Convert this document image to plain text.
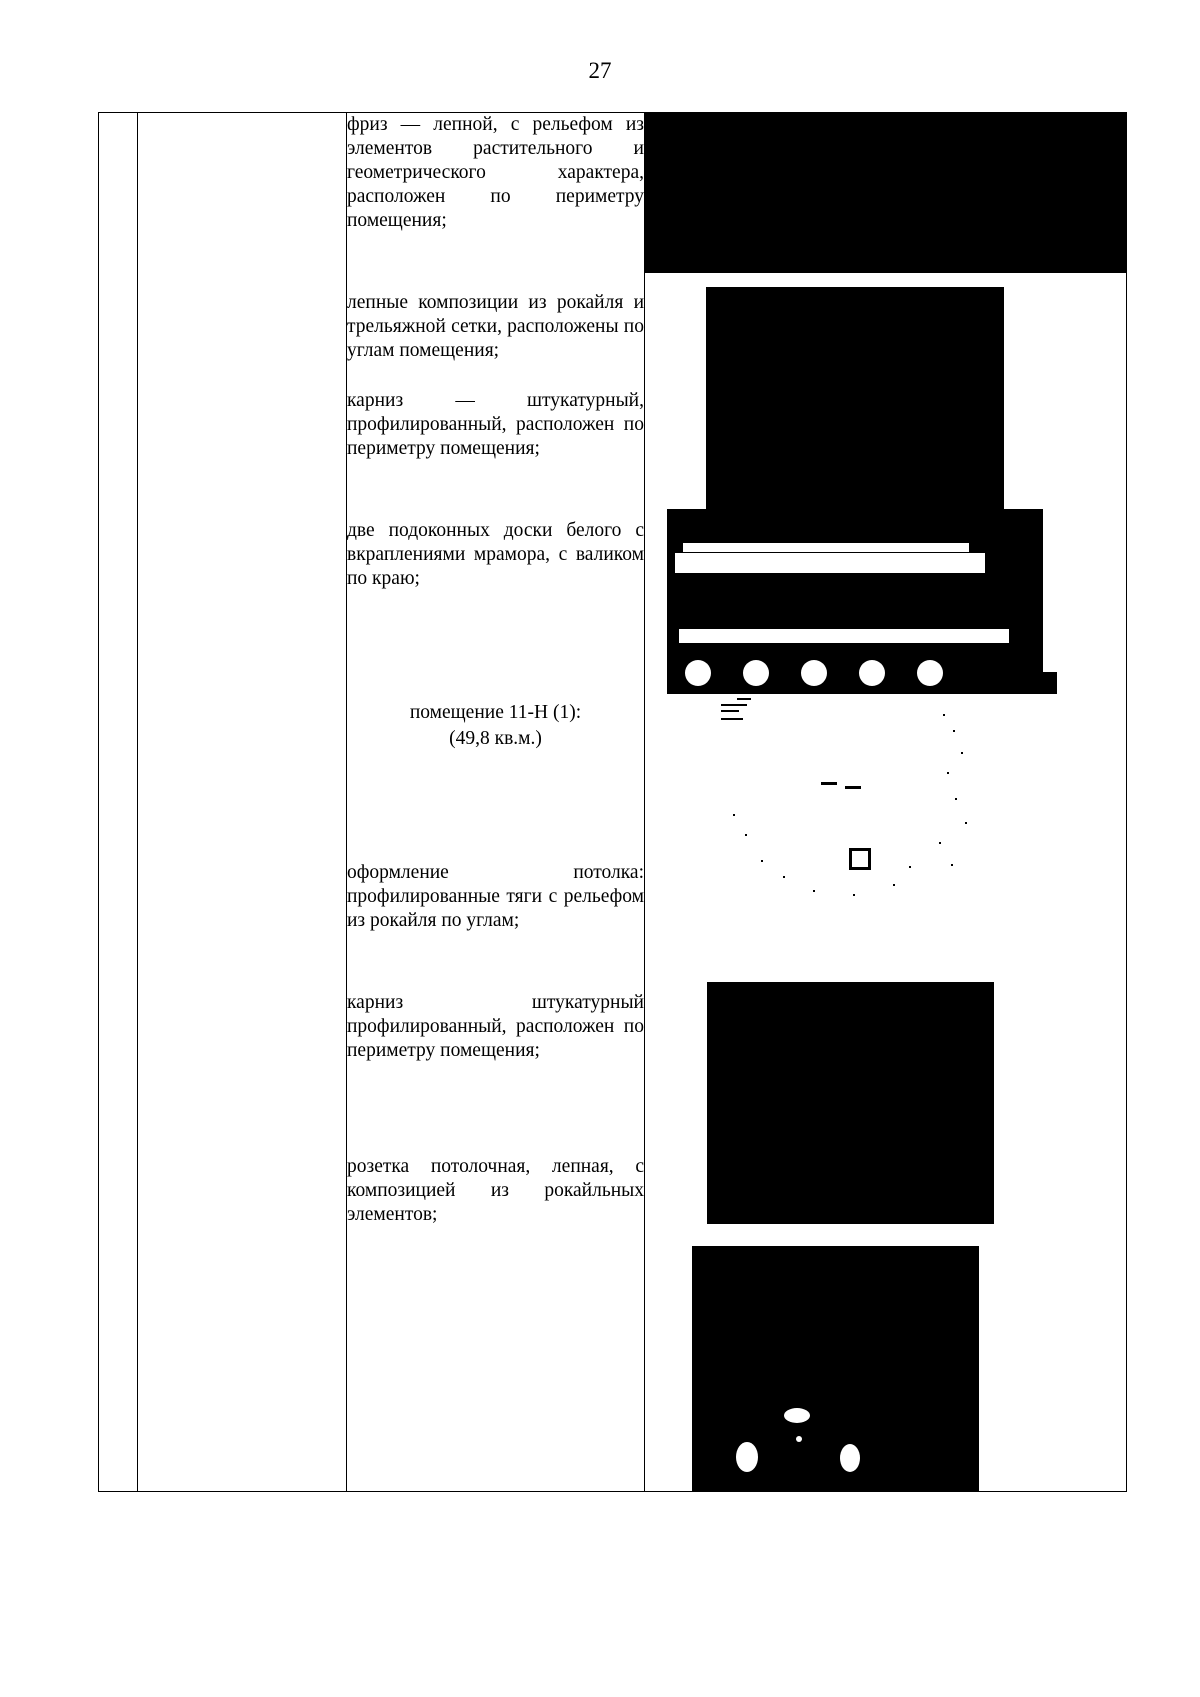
27

фриз — лепной, с рельефом из элементов растительного и геометрического характера, расположен по периметру помещения;

лепные композиции из рокайля и трельяжной сетки, расположены по углам помещения;

карниз — штукатурный, профилированный, расположен по периметру помещения;

две подоконных доски белого с вкраплениями мрамора, с валиком по краю;

помещение 11-Н (1):

(49,8 кв.м.)

оформление потолка: профилированные тяги с рельефом из рокайля по углам;

карниз штукатурный профилированный, расположен по периметру помещения;

розетка потолочная, лепная, с композицией из рокайльных элементов;
